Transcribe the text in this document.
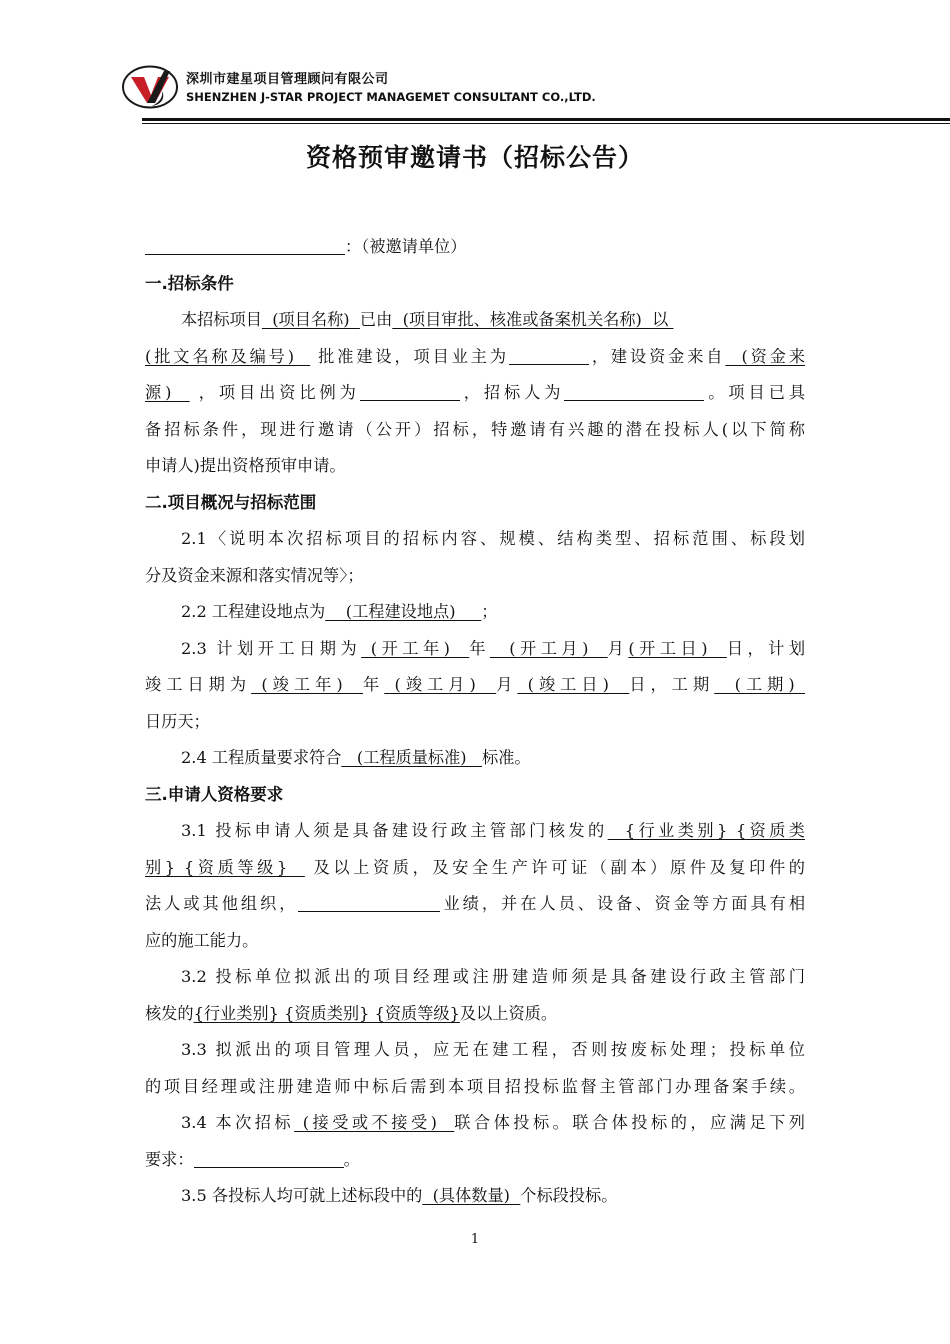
深圳市建星项目管理顾问有限公司
SHENZHEN J-STAR PROJECT MANAGEMET CONSULTANT CO.,LTD.
资格预审邀请书（招标公告）
：（被邀请单位）
一.招标条件
本招标项目  (项目名称)  已由  (项目审批、核准或备案机关名称)  以
(批文名称及编号)   批准建设，项目业主为	，建设资金来自  (资金来
源)   ，项目出资比例为	，招标人为	。项目已具
备招标条件，现进行邀请（公开）招标，特邀请有兴趣的潜在投标人(以下简称
申请人)提出资格预审申请。
二.项目概况与招标范围
2.1〈说明本次招标项目的招标内容、规模、结构类型、招标范围、标段划
分及资金来源和落实情况等〉；
2.2 工程建设地点为    (工程建设地点)     ；
2.3 计划开工日期为 (开工年)  年  (开工月)  月(开工日)  日，计划
竣工日期为 (竣工年)  年 (竣工月)  月 (竣工日)  日，工期  (工期)
日历天；
2.4 工程质量要求符合   (工程质量标准)   标准。
三.申请人资格要求
3.1 投标申请人须是具备建设行政主管部门核发的  {行业类别} {资质类
别} {资质等级}   及以上资质，及安全生产许可证（副本）原件及复印件的
法人或其他组织，	业绩，并在人员、设备、资金等方面具有相
应的施工能力。
3.2 投标单位拟派出的项目经理或注册建造师须是具备建设行政主管部门
核发的{行业类别} {资质类别} {资质等级}及以上资质。
3.3 拟派出的项目管理人员，应无在建工程，否则按废标处理；投标单位
的项目经理或注册建造师中标后需到本项目招投标监督主管部门办理备案手续。
3.4 本次招标 (接受或不接受)  联合体投标。联合体投标的，应满足下列
要求：	。
3.5 各投标人均可就上述标段中的  (具体数量)  个标段投标。
1
